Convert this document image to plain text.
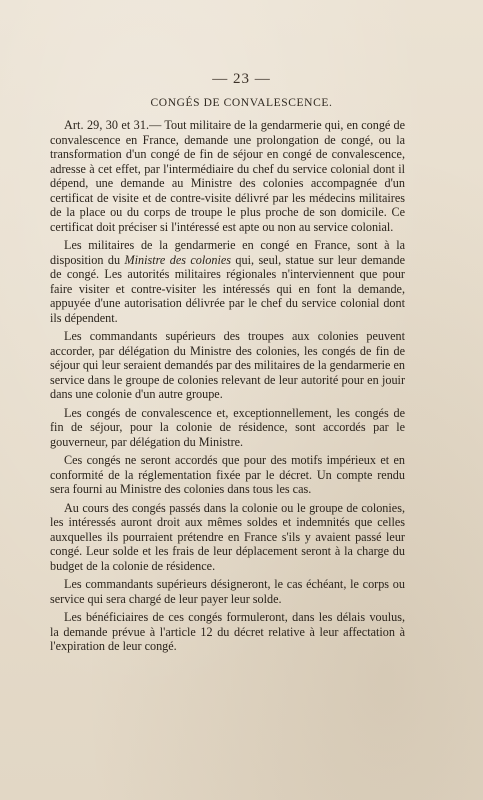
— 23 —
CONGÉS DE CONVALESCENCE.

Art. 29, 30 et 31.— Tout militaire de la gendarmerie qui, en congé de convalescence en France, demande une prolongation de congé, ou la transformation d'un congé de fin de séjour en congé de convalescence, adresse à cet effet, par l'intermédiaire du chef du service colonial dont il dépend, une demande au Ministre des colonies accompagnée d'un certificat de visite et de contre-visite délivré par les médecins militaires de la place ou du corps de troupe le plus proche de son domicile. Ce certificat doit préciser si l'intéressé est apte ou non au service colonial.

Les militaires de la gendarmerie en congé en France, sont à la disposition du Ministre des colonies qui, seul, statue sur leur demande de congé. Les autorités militaires régionales n'interviennent que pour faire visiter et contre-visiter les intéressés qui en font la demande, appuyée d'une autorisation délivrée par le chef du service colonial dont ils dépendent.

Les commandants supérieurs des troupes aux colonies peuvent accorder, par délégation du Ministre des colonies, les congés de fin de séjour qui leur seraient demandés par des militaires de la gendarmerie en service dans le groupe de colonies relevant de leur autorité pour en jouir dans une colonie d'un autre groupe.

Les congés de convalescence et, exceptionnellement, les congés de fin de séjour, pour la colonie de résidence, sont accordés par le gouverneur, par délégation du Ministre.

Ces congés ne seront accordés que pour des motifs impérieux et en conformité de la réglementation fixée par le décret. Un compte rendu sera fourni au Ministre des colonies dans tous les cas.

Au cours des congés passés dans la colonie ou le groupe de colonies, les intéressés auront droit aux mêmes soldes et indemnités que celles auxquelles ils pourraient prétendre en France s'ils y avaient passé leur congé. Leur solde et les frais de leur déplacement seront à la charge du budget de la colonie de résidence.

Les commandants supérieurs désigneront, le cas échéant, le corps ou service qui sera chargé de leur payer leur solde.

Les bénéficiaires de ces congés formuleront, dans les délais voulus, la demande prévue à l'article 12 du décret relative à leur affectation à l'expiration de leur congé.
